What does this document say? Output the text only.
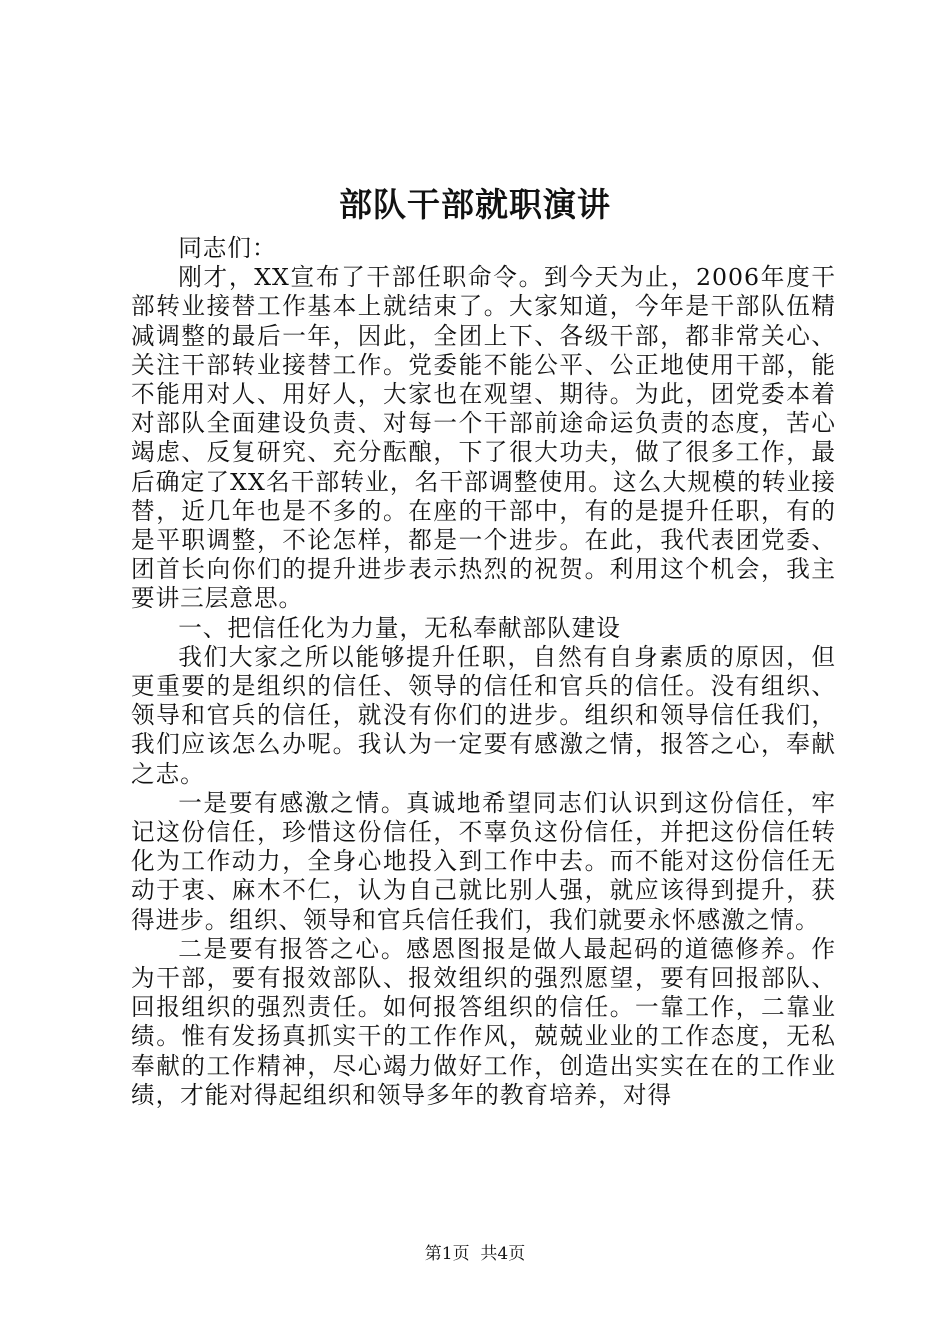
部队干部就职演讲

同志们：

刚才，XX宣布了干部任职命令。到今天为止，2006年度干部转业接替工作基本上就结束了。大家知道，今年是干部队伍精减调整的最后一年，因此，全团上下、各级干部，都非常关心、关注干部转业接替工作。党委能不能公平、公正地使用干部，能不能用对人、用好人，大家也在观望、期待。为此，团党委本着对部队全面建设负责、对每一个干部前途命运负责的态度，苦心竭虑、反复研究、充分酝酿，下了很大功夫，做了很多工作，最后确定了XX名干部转业，名干部调整使用。这么大规模的转业接替，近几年也是不多的。在座的干部中，有的是提升任职，有的是平职调整，不论怎样，都是一个进步。在此，我代表团党委、团首长向你们的提升进步表示热烈的祝贺。利用这个机会，我主要讲三层意思。

一、把信任化为力量，无私奉献部队建设

我们大家之所以能够提升任职，自然有自身素质的原因，但更重要的是组织的信任、领导的信任和官兵的信任。没有组织、领导和官兵的信任，就没有你们的进步。组织和领导信任我们，我们应该怎么办呢。我认为一定要有感激之情，报答之心，奉献之志。

一是要有感激之情。真诚地希望同志们认识到这份信任，牢记这份信任，珍惜这份信任，不辜负这份信任，并把这份信任转化为工作动力，全身心地投入到工作中去。而不能对这份信任无动于衷、麻木不仁，认为自己就比别人强，就应该得到提升，获得进步。组织、领导和官兵信任我们，我们就要永怀感激之情。

二是要有报答之心。感恩图报是做人最起码的道德修养。作为干部，要有报效部队、报效组织的强烈愿望，要有回报部队、回报组织的强烈责任。如何报答组织的信任。一靠工作，二靠业绩。惟有发扬真抓实干的工作作风，兢兢业业的工作态度，无私奉献的工作精神，尽心竭力做好工作，创造出实实在在的工作业绩，才能对得起组织和领导多年的教育培养，对得

第1页 共4页
